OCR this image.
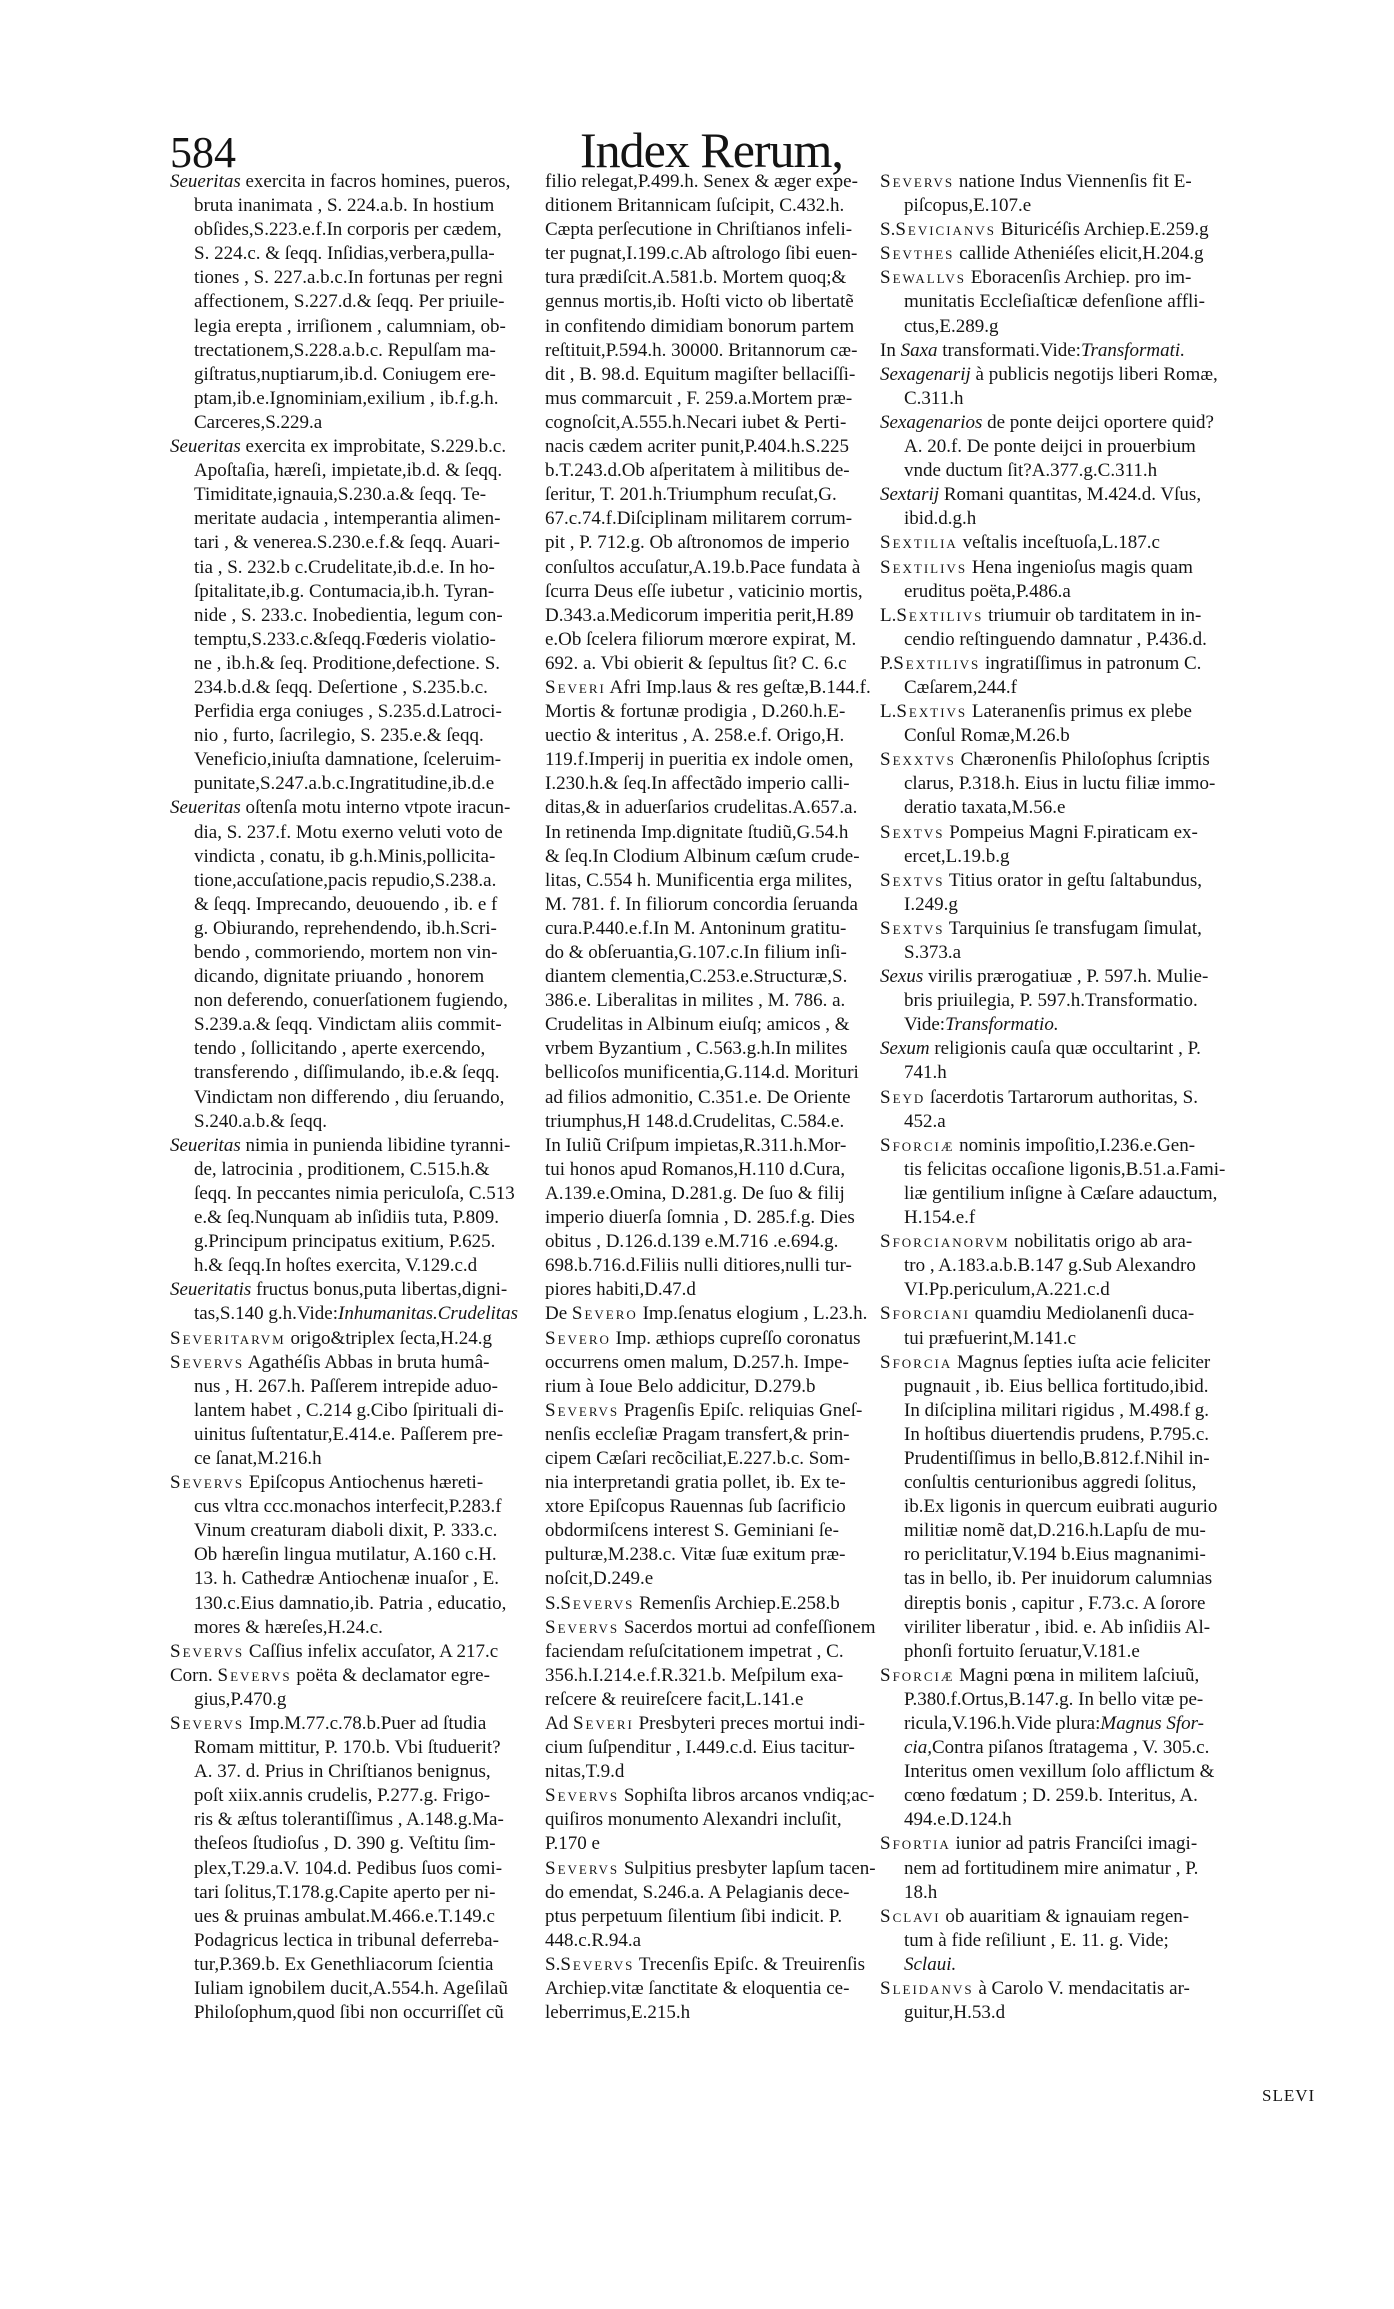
584	Index Rerum,
Seueritas exercita in facros homines, pueros,
bruta inanimata , S. 224.a.b. In hostium
obſides,S.223.e.f.In corporis per cædem,
S. 224.c. & ſeqq. Inſidias,verbera,pulla-
tiones , S. 227.a.b.c.In fortunas per regni
affectionem, S.227.d.& ſeqq. Per priuile-
legia erepta , irriſionem , calumniam, ob-
trectationem,S.228.a.b.c. Repulſam ma-
giſtratus,nuptiarum,ib.d. Coniugem ere-
ptam,ib.e.Ignominiam,exilium , ib.f.g.h.
Carceres,S.229.a
Seueritas exercita ex improbitate, S.229.b.c.
Apoſtaſia, hæreſi, impietate,ib.d. & ſeqq.
Timiditate,ignauia,S.230.a.& ſeqq. Te-
meritate audacia , intemperantia alimen-
tari , & venerea.S.230.e.f.& ſeqq. Auari-
tia , S. 232.b c.Crudelitate,ib.d.e. In ho-
ſpitalitate,ib.g. Contumacia,ib.h. Tyran-
nide , S. 233.c. Inobedientia, legum con-
temptu,S.233.c.&ſeqq.Fœderis violatio-
ne , ib.h.& ſeq. Proditione,defectione. S.
234.b.d.& ſeqq. Deſertione , S.235.b.c.
Perfidia erga coniuges , S.235.d.Latroci-
nio , furto, ſacrilegio, S. 235.e.& ſeqq.
Veneficio,iniuſta damnatione, ſceleruim-
punitate,S.247.a.b.c.Ingratitudine,ib.d.e
Seueritas oſtenſa motu interno vtpote iracun-
dia, S. 237.f. Motu exerno veluti voto de
vindicta , conatu, ib g.h.Minis,pollicita-
tione,accuſatione,pacis repudio,S.238.a.
& ſeqq. Imprecando, deuouendo , ib. e f
g. Obiurando, reprehendendo, ib.h.Scri-
bendo , commoriendo, mortem non vin-
dicando, dignitate priuando , honorem
non deferendo, conuerſationem fugiendo,
S.239.a.& ſeqq. Vindictam aliis commit-
tendo , ſollicitando , aperte exercendo,
transferendo , diſſimulando, ib.e.& ſeqq.
Vindictam non differendo , diu ſeruando,
S.240.a.b.& ſeqq.
Seueritas nimia in punienda libidine tyranni-
de, latrocinia , proditionem, C.515.h.&
ſeqq. In peccantes nimia periculoſa, C.513
e.& ſeq.Nunquam ab inſidiis tuta, P.809.
g.Principum principatus exitium, P.625.
h.& ſeqq.In hoſtes exercita, V.129.c.d
Seueritatis fructus bonus,puta libertas,digni-
tas,S.140 g.h.Vide:Inhumanitas.Crudelitas
Severitarvm origo&triplex ſecta,H.24.g
Severvs Agathéſis Abbas in bruta humâ-
nus , H. 267.h. Paſſerem intrepide aduo-
lantem habet , C.214 g.Cibo ſpirituali di-
uinitus ſuſtentatur,E.414.e. Paſſerem pre-
ce ſanat,M.216.h
Severvs Epiſcopus Antiochenus hæreti-
cus vltra ccc.monachos interfecit,P.283.f
Vinum creaturam diaboli dixit, P. 333.c.
Ob hæreſin lingua mutilatur, A.160 c.H.
13. h. Cathedræ Antiochenæ inuaſor , E.
130.c.Eius damnatio,ib. Patria , educatio,
mores & hæreſes,H.24.c.
Severvs Caſſius infelix accuſator, A 217.c
Corn. Severvs poëta & declamator egre-
gius,P.470.g
Severvs Imp.M.77.c.78.b.Puer ad ſtudia
Romam mittitur, P. 170.b. Vbi ſtuduerit?
A. 37. d. Prius in Chriſtianos benignus,
poſt xiix.annis crudelis, P.277.g. Frigo-
ris & æſtus tolerantiſſimus , A.148.g.Ma-
theſeos ſtudioſus , D. 390 g. Veſtitu ſim-
plex,T.29.a.V. 104.d. Pedibus ſuos comi-
tari ſolitus,T.178.g.Capite aperto per ni-
ues & pruinas ambulat.M.466.e.T.149.c
Podagricus lectica in tribunal deferreba-
tur,P.369.b. Ex Genethliacorum ſcientia
Iuliam ignobilem ducit,A.554.h. Ageſilaũ
Philoſophum,quod ſibi non occurriſſet cũ
filio relegat,P.499.h. Senex & æger expe-
ditionem Britannicam ſuſcipit, C.432.h.
Cæpta perſecutione in Chriſtianos infeli-
ter pugnat,I.199.c.Ab aſtrologo ſibi euen-
tura prædiſcit.A.581.b. Mortem quoq;&
gennus mortis,ib. Hoſti victo ob libertatẽ
in confitendo dimidiam bonorum partem
reſtituit,P.594.h. 30000. Britannorum cæ-
dit , B. 98.d. Equitum magiſter bellaciſſi-
mus commarcuit , F. 259.a.Mortem præ-
cognoſcit,A.555.h.Necari iubet & Perti-
nacis cædem acriter punit,P.404.h.S.225
b.T.243.d.Ob aſperitatem à militibus de-
ſeritur, T. 201.h.Triumphum recuſat,G.
67.c.74.f.Diſciplinam militarem corrum-
pit , P. 712.g. Ob aſtronomos de imperio
conſultos accuſatur,A.19.b.Pace fundata à
ſcurra Deus eſſe iubetur , vaticinio mortis,
D.343.a.Medicorum imperitia perit,H.89
e.Ob ſcelera filiorum mœrore expirat, M.
692. a. Vbi obierit & ſepultus ſit? C. 6.c
Severi Afri Imp.laus & res geſtæ,B.144.f.
Mortis & fortunæ prodigia , D.260.h.E-
uectio & interitus , A. 258.e.f. Origo,H.
119.f.Imperij in pueritia ex indole omen,
I.230.h.& ſeq.In affectãdo imperio calli-
ditas,& in aduerſarios crudelitas.A.657.a.
In retinenda Imp.dignitate ſtudiũ,G.54.h
& ſeq.In Clodium Albinum cæſum crude-
litas, C.554 h. Munificentia erga milites,
M. 781. f. In filiorum concordia ſeruanda
cura.P.440.e.f.In M. Antoninum gratitu-
do & obſeruantia,G.107.c.In filium inſi-
diantem clementia,C.253.e.Structuræ,S.
386.e. Liberalitas in milites , M. 786. a.
Crudelitas in Albinum eiuſq; amicos , &
vrbem Byzantium , C.563.g.h.In milites
bellicoſos munificentia,G.114.d. Morituri
ad filios admonitio, C.351.e. De Oriente
triumphus,H 148.d.Crudelitas, C.584.e.
In Iuliũ Criſpum impietas,R.311.h.Mor-
tui honos apud Romanos,H.110 d.Cura,
A.139.e.Omina, D.281.g. De ſuo & filij
imperio diuerſa ſomnia , D. 285.f.g. Dies
obitus , D.126.d.139 e.M.716 .e.694.g.
698.b.716.d.Filiis nulli ditiores,nulli tur-
piores habiti,D.47.d
De Severo Imp.ſenatus elogium , L.23.h.
Severo Imp. æthiops cupreſſo coronatus
occurrens omen malum, D.257.h. Impe-
rium à Ioue Belo addicitur, D.279.b
Severvs Pragenſis Epiſc. reliquias Gneſ-
nenſis eccleſiæ Pragam transfert,& prin-
cipem Cæſari recõciliat,E.227.b.c. Som-
nia interpretandi gratia pollet, ib. Ex te-
xtore Epiſcopus Rauennas ſub ſacrificio
obdormiſcens interest S. Geminiani ſe-
pulturæ,M.238.c. Vitæ ſuæ exitum præ-
noſcit,D.249.e
S.Severvs Remenſis Archiep.E.258.b
Severvs Sacerdos mortui ad confeſſionem
faciendam reſuſcitationem impetrat , C.
356.h.I.214.e.f.R.321.b. Meſpilum exa-
reſcere & reuireſcere facit,L.141.e
Ad Severi Presbyteri preces mortui indi-
cium ſuſpenditur , I.449.c.d. Eius tacitur-
nitas,T.9.d
Severvs Sophiſta libros arcanos vndiq;ac-
quiſiros monumento Alexandri incluſit,
P.170 e
Severvs Sulpitius presbyter lapſum tacen-
do emendat, S.246.a. A Pelagianis dece-
ptus perpetuum ſilentium ſibi indicit. P.
448.c.R.94.a
S.Severvs Trecenſis Epiſc. & Treuirenſis
Archiep.vitæ ſanctitate & eloquentia ce-
leberrimus,E.215.h
Severvs natione Indus Viennenſis fit E-
piſcopus,E.107.e
S.Sevicianvs Bituricéſis Archiep.E.259.g
Sevthes callide Atheniéſes elicit,H.204.g
Sewallvs Eboracenſis Archiep. pro im-
munitatis Eccleſiaſticæ defenſione affli-
ctus,E.289.g
In Saxa transformati.Vide:Transformati.
Sexagenarij à publicis negotijs liberi Romæ,
C.311.h
Sexagenarios de ponte deijci oportere quid?
A. 20.f. De ponte deijci in prouerbium
vnde ductum ſit?A.377.g.C.311.h
Sextarij Romani quantitas, M.424.d. Vſus,
ibid.d.g.h
Sextilia veſtalis inceſtuoſa,L.187.c
Sextilivs Hena ingenioſus magis quam
eruditus poëta,P.486.a
L.Sextilivs triumuir ob tarditatem in in-
cendio reſtinguendo damnatur , P.436.d.
P.Sextilivs ingratiſſimus in patronum C.
Cæſarem,244.f
L.Sextivs Lateranenſis primus ex plebe
Conſul Romæ,M.26.b
Sexxtvs Chæronenſis Philoſophus ſcriptis
clarus, P.318.h. Eius in luctu filiæ immo-
deratio taxata,M.56.e
Sextvs Pompeius Magni F.piraticam ex-
ercet,L.19.b.g
Sextvs Titius orator in geſtu ſaltabundus,
I.249.g
Sextvs Tarquinius ſe transfugam ſimulat,
S.373.a
Sexus virilis prærogatiuæ , P. 597.h. Mulie-
bris priuilegia, P. 597.h.Transformatio.
Vide:Transformatio.
Sexum religionis cauſa quæ occultarint , P.
741.h
Seyd ſacerdotis Tartarorum authoritas, S.
452.a
Sforciæ nominis impoſitio,I.236.e.Gen-
tis felicitas occaſione ligonis,B.51.a.Fami-
liæ gentilium inſigne à Cæſare adauctum,
H.154.e.f
Sforcianorvm nobilitatis origo ab ara-
tro , A.183.a.b.B.147 g.Sub Alexandro
VI.Pp.periculum,A.221.c.d
Sforciani quamdiu Mediolanenſi duca-
tui præfuerint,M.141.c
Sforcia Magnus ſepties iuſta acie feliciter
pugnauit , ib. Eius bellica fortitudo,ibid.
In diſciplina militari rigidus , M.498.f g.
In hoſtibus diuertendis prudens, P.795.c.
Prudentiſſimus in bello,B.812.f.Nihil in-
conſultis centurionibus aggredi ſolitus,
ib.Ex ligonis in quercum euibrati augurio
militiæ nomẽ dat,D.216.h.Lapſu de mu-
ro periclitatur,V.194 b.Eius magnanimi-
tas in bello, ib. Per inuidorum calumnias
direptis bonis , capitur , F.73.c. A ſorore
viriliter liberatur , ibid. e. Ab inſidiis Al-
phonſi fortuito ſeruatur,V.181.e
Sforciæ Magni pœna in militem laſciuũ,
P.380.f.Ortus,B.147.g. In bello vitæ pe-
ricula,V.196.h.Vide plura:Magnus Sfor-
cia,Contra piſanos ſtratagema , V. 305.c.
Interitus omen vexillum ſolo afflictum &
cœno fœdatum ; D. 259.b. Interitus, A.
494.e.D.124.h
Sfortia iunior ad patris Franciſci imagi-
nem ad fortitudinem mire animatur , P.
18.h
Sclavi ob auaritiam & ignauiam regen-
tum à fide reſiliunt , E. 11. g. Vide;
Sclaui.
Sleidanvs à Carolo V. mendacitatis ar-
guitur,H.53.d
SLEVI
